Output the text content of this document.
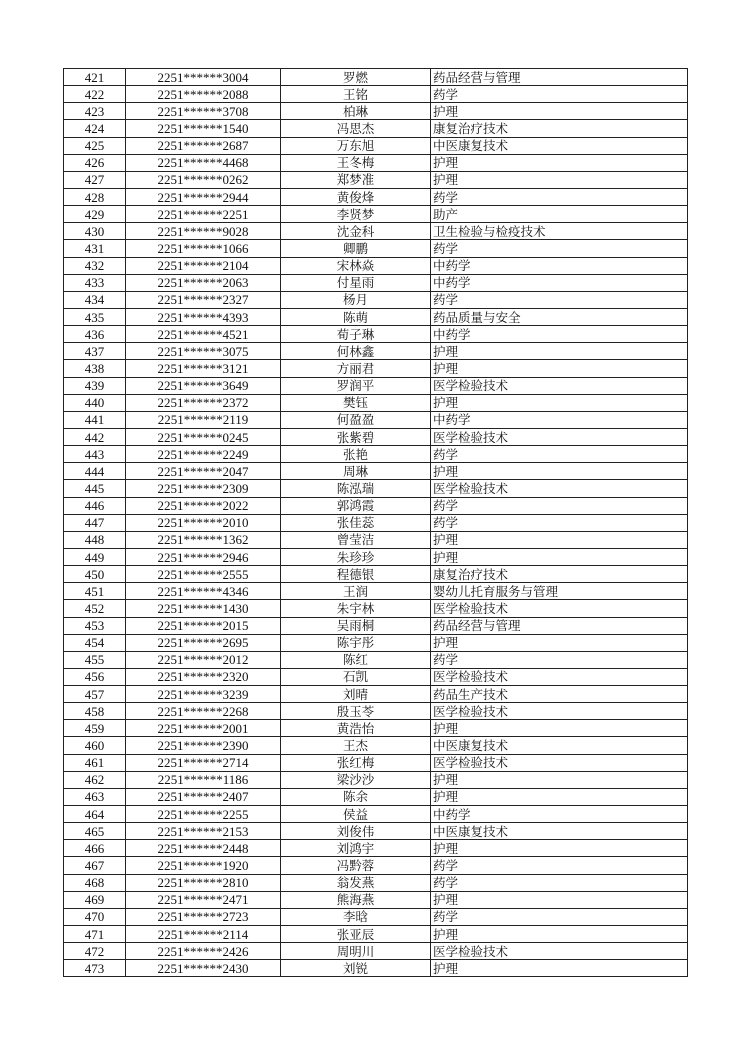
421	2251******3004	罗燃	药品经营与管理
422	2251******2088	王铭	药学
423	2251******3708	柏琳	护理
424	2251******1540	冯思杰	康复治疗技术
425	2251******2687	万东旭	中医康复技术
426	2251******4468	王冬梅	护理
427	2251******0262	郑梦准	护理
428	2251******2944	黄俊烽	药学
429	2251******2251	李贤梦	助产
430	2251******9028	沈金科	卫生检验与检疫技术
431	2251******1066	卿鹏	药学
432	2251******2104	宋林焱	中药学
433	2251******2063	付星雨	中药学
434	2251******2327	杨月	药学
435	2251******4393	陈萌	药品质量与安全
436	2251******4521	荀子琳	中药学
437	2251******3075	何林鑫	护理
438	2251******3121	方丽君	护理
439	2251******3649	罗润平	医学检验技术
440	2251******2372	樊钰	护理
441	2251******2119	何盈盈	中药学
442	2251******0245	张紫碧	医学检验技术
443	2251******2249	张艳	药学
444	2251******2047	周琳	护理
445	2251******2309	陈泓瑞	医学检验技术
446	2251******2022	郭鸿霞	药学
447	2251******2010	张佳蕊	药学
448	2251******1362	曾莹洁	护理
449	2251******2946	朱珍珍	护理
450	2251******2555	程德银	康复治疗技术
451	2251******4346	王润	婴幼儿托育服务与管理
452	2251******1430	朱宇林	医学检验技术
453	2251******2015	吴雨桐	药品经营与管理
454	2251******2695	陈宇彤	护理
455	2251******2012	陈红	药学
456	2251******2320	石凯	医学检验技术
457	2251******3239	刘晴	药品生产技术
458	2251******2268	殷玉苓	医学检验技术
459	2251******2001	黄浩怡	护理
460	2251******2390	王杰	中医康复技术
461	2251******2714	张红梅	医学检验技术
462	2251******1186	梁沙沙	护理
463	2251******2407	陈余	护理
464	2251******2255	侯益	中药学
465	2251******2153	刘俊伟	中医康复技术
466	2251******2448	刘鸿宇	护理
467	2251******1920	冯黔蓉	药学
468	2251******2810	翁发燕	药学
469	2251******2471	熊海燕	护理
470	2251******2723	李晗	药学
471	2251******2114	张亚辰	护理
472	2251******2426	周明川	医学检验技术
473	2251******2430	刘锐	护理
